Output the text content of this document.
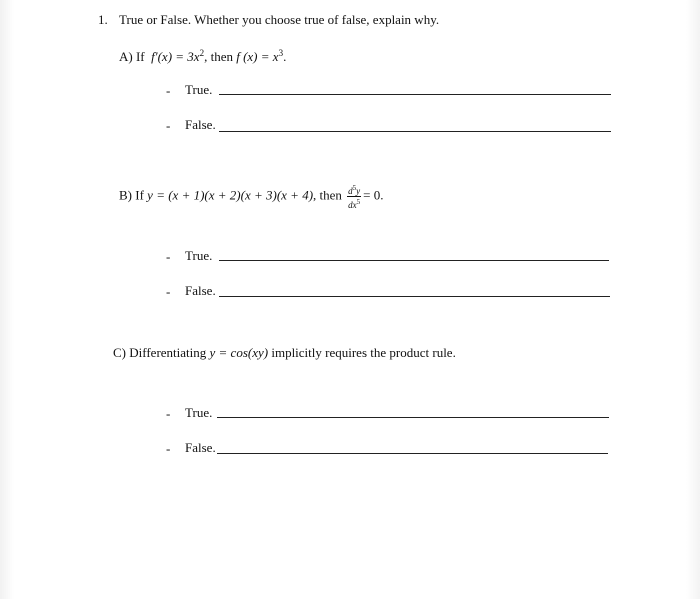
1. True or False. Whether you choose true of false, explain why.
A) If $f'(x) = 3x^2$, then f $(x) = x^3$.
- True.
- False.
B) If y = (x + 1)(x + 2)(x + 3)(x + 4), then $\frac{d^5y}{dx^5} = 0$.
- True.
- False.
C) Differentiating y = cos(xy) implicitly requires the product rule.
- True.
- False.
